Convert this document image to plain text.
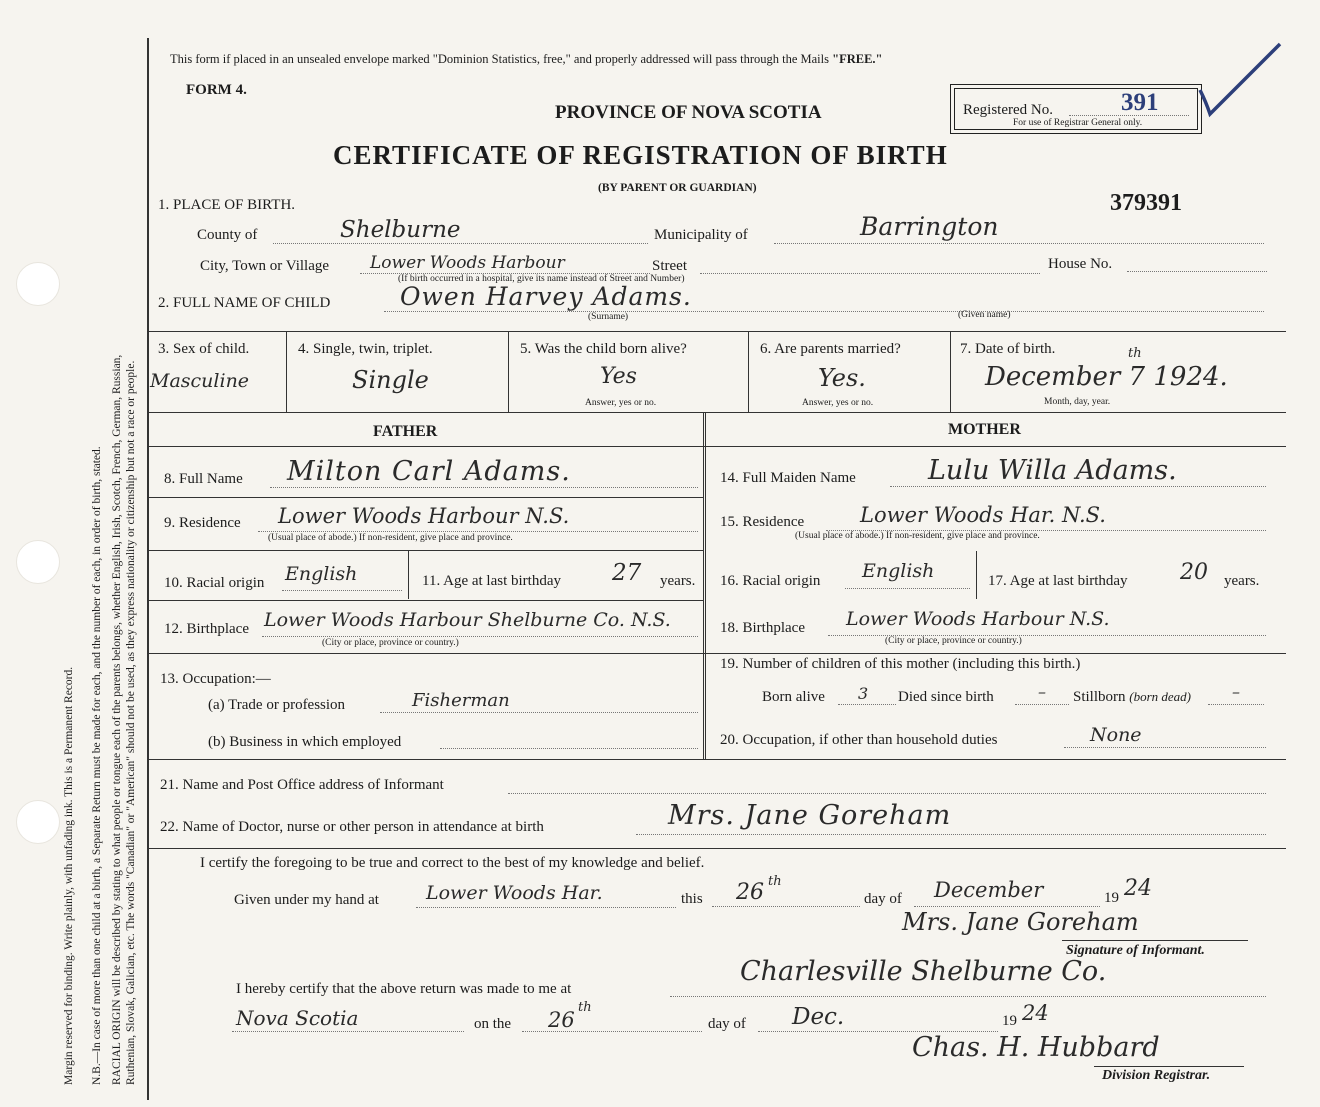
Margin reserved for binding. Write plainly, with unfading ink. This is a Permanent Record. N.B.—In case of more than one child at a birth, a Separate Return must be made for each, and the number of each, in order of birth, stated. RACIAL ORIGIN will be described by stating to what people or tongue each of the parents belongs, whether English, Irish, Scotch, French, German, Russian, Ruthenian, Slovak, Galician, etc. The words "Canadian" or "American" should not be used, as they express nationality or citizenship but not a race or people.
This form if placed in an unsealed envelope marked "Dominion Statistics, free," and properly addressed will pass through the Mails "FREE."
FORM 4.
PROVINCE OF NOVA SCOTIA
CERTIFICATE OF REGISTRATION OF BIRTH
(BY PARENT OR GUARDIAN)
Registered No.	391
For use of Registrar General only.
379391
1. PLACE OF BIRTH.
County of	Shelburne	Municipality of	Barrington
City, Town or Village Lower Woods Harbour	Street	House No.
(If birth occurred in a hospital, give its name instead of Street and Number)
2. FULL NAME OF CHILD	Owen Harvey Adams.
(Surname)	(Given name)
3. Sex of child.
Masculine
4. Single, twin, triplet.
Single
5. Was the child born alive?
Yes
Answer, yes or no.
6. Are parents married?
Yes.
Answer, yes or no.
7. Date of birth.
December 7 1924.
th
Month, day, year.
FATHER	MOTHER
8. Full Name Milton Carl Adams.
9. Residence Lower Woods Harbour N.S.
(Usual place of abode.) If non-resident, give place and province.
10. Racial origin English	11. Age at last birthday 27 years.
12. Birthplace Lower Woods Harbour Shelburne Co. N.S.
(City or place, province or country.)
13. Occupation:—
(a) Trade or profession	Fisherman
(b) Business in which employed
14. Full Maiden Name	Lulu Willa Adams.
15. Residence	Lower Woods Har. N.S.
(Usual place of abode.) If non-resident, give place and province.
16. Racial origin English	17. Age at last birthday 20 years.
18. Birthplace Lower Woods Harbour N.S.
(City or place, province or country.)
19. Number of children of this mother (including this birth.)
Born alive 3 Died since birth	– Stillborn (born dead)	–
20. Occupation, if other than household duties	None
21. Name and Post Office address of Informant
22. Name of Doctor, nurse or other person in attendance at birth	Mrs. Jane Goreham
I certify the foregoing to be true and correct to the best of my knowledge and belief.
Given under my hand at Lower Woods Har.	this 26 th
day of December	19 24
Mrs. Jane Goreham
Signature of Informant.
I hereby certify that the above return was made to me at
Charlesville Shelburne Co.
Nova Scotia	on the 26
th
day of Dec.	19 24
Chas. H. Hubbard
Division Registrar.
